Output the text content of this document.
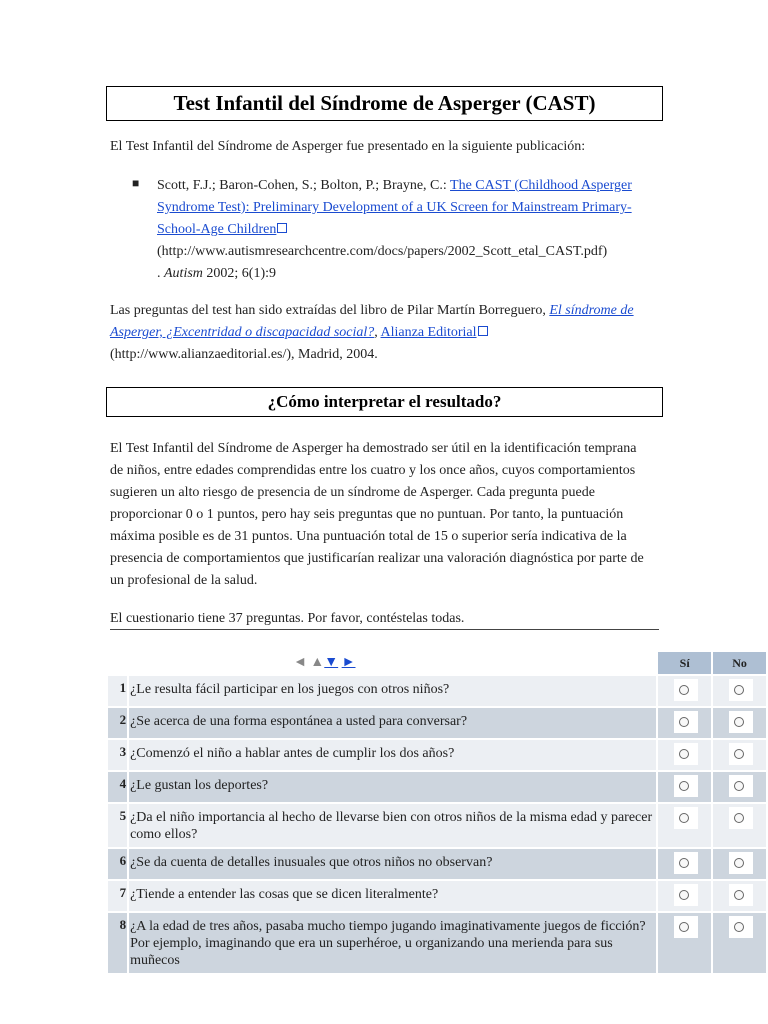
Test Infantil del Síndrome de Asperger (CAST)
El Test Infantil del Síndrome de Asperger fue presentado en la siguiente publicación:
■ Scott, F.J.; Baron-Cohen, S.; Bolton, P.; Brayne, C.: The CAST (Childhood Asperger Syndrome Test): Preliminary Development of a UK Screen for Mainstream Primary-School-Age Children (http://www.autismresearchcentre.com/docs/papers/2002_Scott_etal_CAST.pdf)
. Autism 2002; 6(1):9
Las preguntas del test han sido extraídas del libro de Pilar Martín Borreguero, El síndrome de Asperger, ¿Excentridad o discapacidad social?, Alianza Editorial
(http://www.alianzaeditorial.es/), Madrid, 2004.
¿Cómo interpretar el resultado?
El Test Infantil del Síndrome de Asperger ha demostrado ser útil en la identificación temprana de niños, entre edades comprendidas entre los cuatro y los once años, cuyos comportamientos sugieren un alto riesgo de presencia de un síndrome de Asperger. Cada pregunta puede proporcionar 0 o 1 puntos, pero hay seis preguntas que no puntuan. Por tanto, la puntuación máxima posible es de 31 puntos. Una puntuación total de 15 o superior sería indicativa de la presencia de comportamientos que justificarían realizar una valoración diagnóstica por parte de un profesional de la salud.
El cuestionario tiene 37 preguntas. Por favor, contéstelas todas.
	◄ ▲▼ ►	Sí	No
1	¿Le resulta fácil participar en los juegos con otros niños?		
2	¿Se acerca de una forma espontánea a usted para conversar?		
3	¿Comenzó el niño a hablar antes de cumplir los dos años?		
4	¿Le gustan los deportes?		
5	¿Da el niño importancia al hecho de llevarse bien con otros niños de la misma edad y parecer como ellos?		
6	¿Se da cuenta de detalles inusuales que otros niños no observan?		
7	¿Tiende a entender las cosas que se dicen literalmente?		
8	¿A la edad de tres años, pasaba mucho tiempo jugando imaginativamente juegos de ficción? Por ejemplo, imaginando que era un superhéroe, u organizando una merienda para sus muñecos		
